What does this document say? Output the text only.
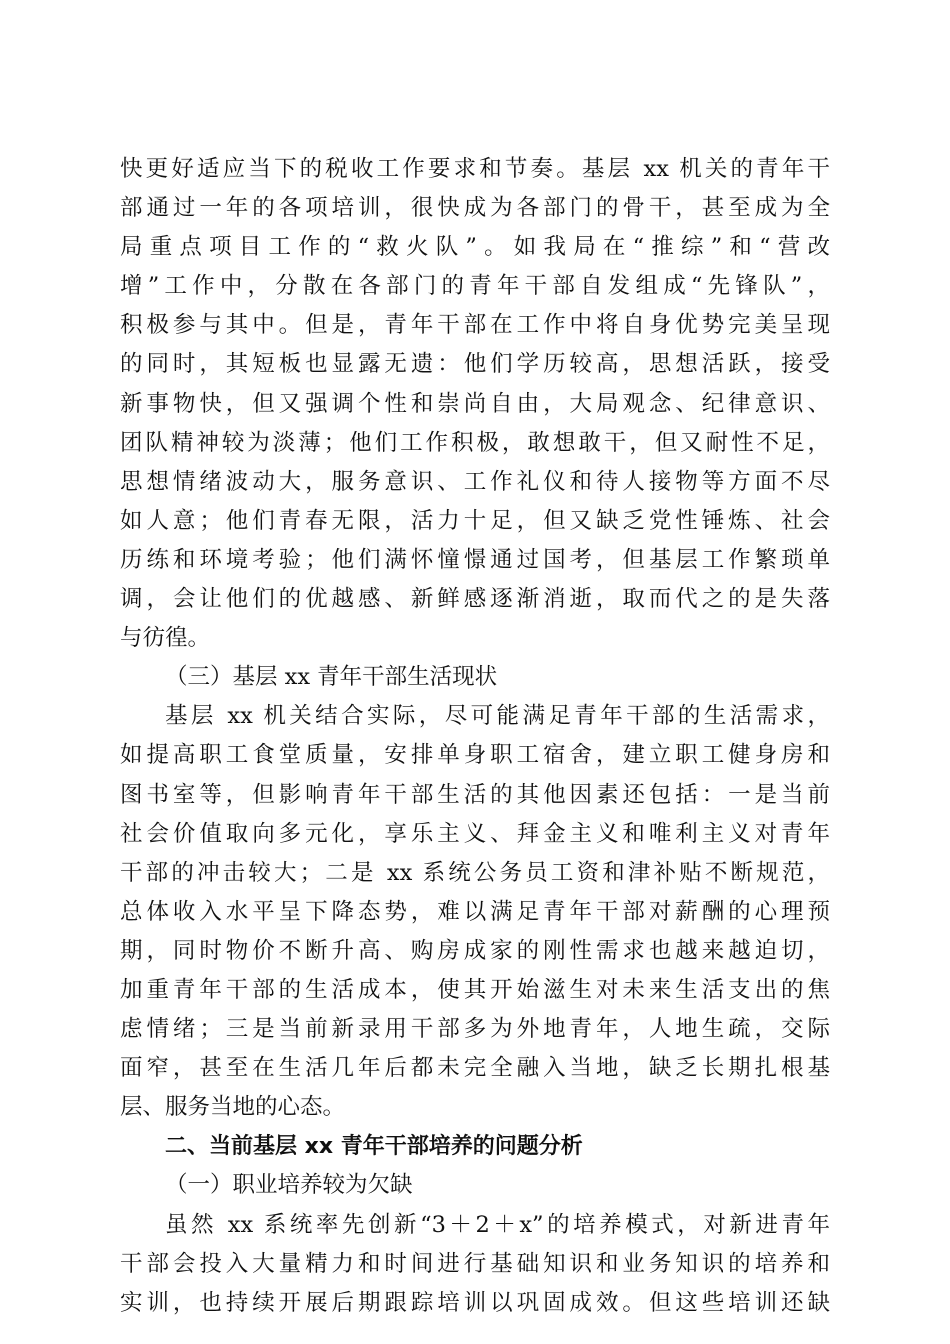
快更好适应当下的税收工作要求和节奏。基层 xx 机关的青年干
部通过一年的各项培训，很快成为各部门的骨干，甚至成为全
局重点项目工作的“救火队”。如我局在“推综”和“营改
增”工作中，分散在各部门的青年干部自发组成“先锋队”，
积极参与其中。但是，青年干部在工作中将自身优势完美呈现
的同时，其短板也显露无遗：他们学历较高，思想活跃，接受
新事物快，但又强调个性和崇尚自由，大局观念、纪律意识、
团队精神较为淡薄；他们工作积极，敢想敢干，但又耐性不足，
思想情绪波动大，服务意识、工作礼仪和待人接物等方面不尽
如人意；他们青春无限，活力十足，但又缺乏党性锤炼、社会
历练和环境考验；他们满怀憧憬通过国考，但基层工作繁琐单
调，会让他们的优越感、新鲜感逐渐消逝，取而代之的是失落
与彷徨。
（三）基层 xx 青年干部生活现状
基层 xx 机关结合实际，尽可能满足青年干部的生活需求，
如提高职工食堂质量，安排单身职工宿舍，建立职工健身房和
图书室等，但影响青年干部生活的其他因素还包括：一是当前
社会价值取向多元化，享乐主义、拜金主义和唯利主义对青年
干部的冲击较大；二是 xx 系统公务员工资和津补贴不断规范，
总体收入水平呈下降态势，难以满足青年干部对薪酬的心理预
期，同时物价不断升高、购房成家的刚性需求也越来越迫切，
加重青年干部的生活成本，使其开始滋生对未来生活支出的焦
虑情绪；三是当前新录用干部多为外地青年，人地生疏，交际
面窄，甚至在生活几年后都未完全融入当地，缺乏长期扎根基
层、服务当地的心态。
二、当前基层 xx 青年干部培养的问题分析
（一）职业培养较为欠缺
虽然 xx 系统率先创新“3＋2＋x”的培养模式，对新进青年
干部会投入大量精力和时间进行基础知识和业务知识的培养和
实训，也持续开展后期跟踪培训以巩固成效。但这些培训还缺
